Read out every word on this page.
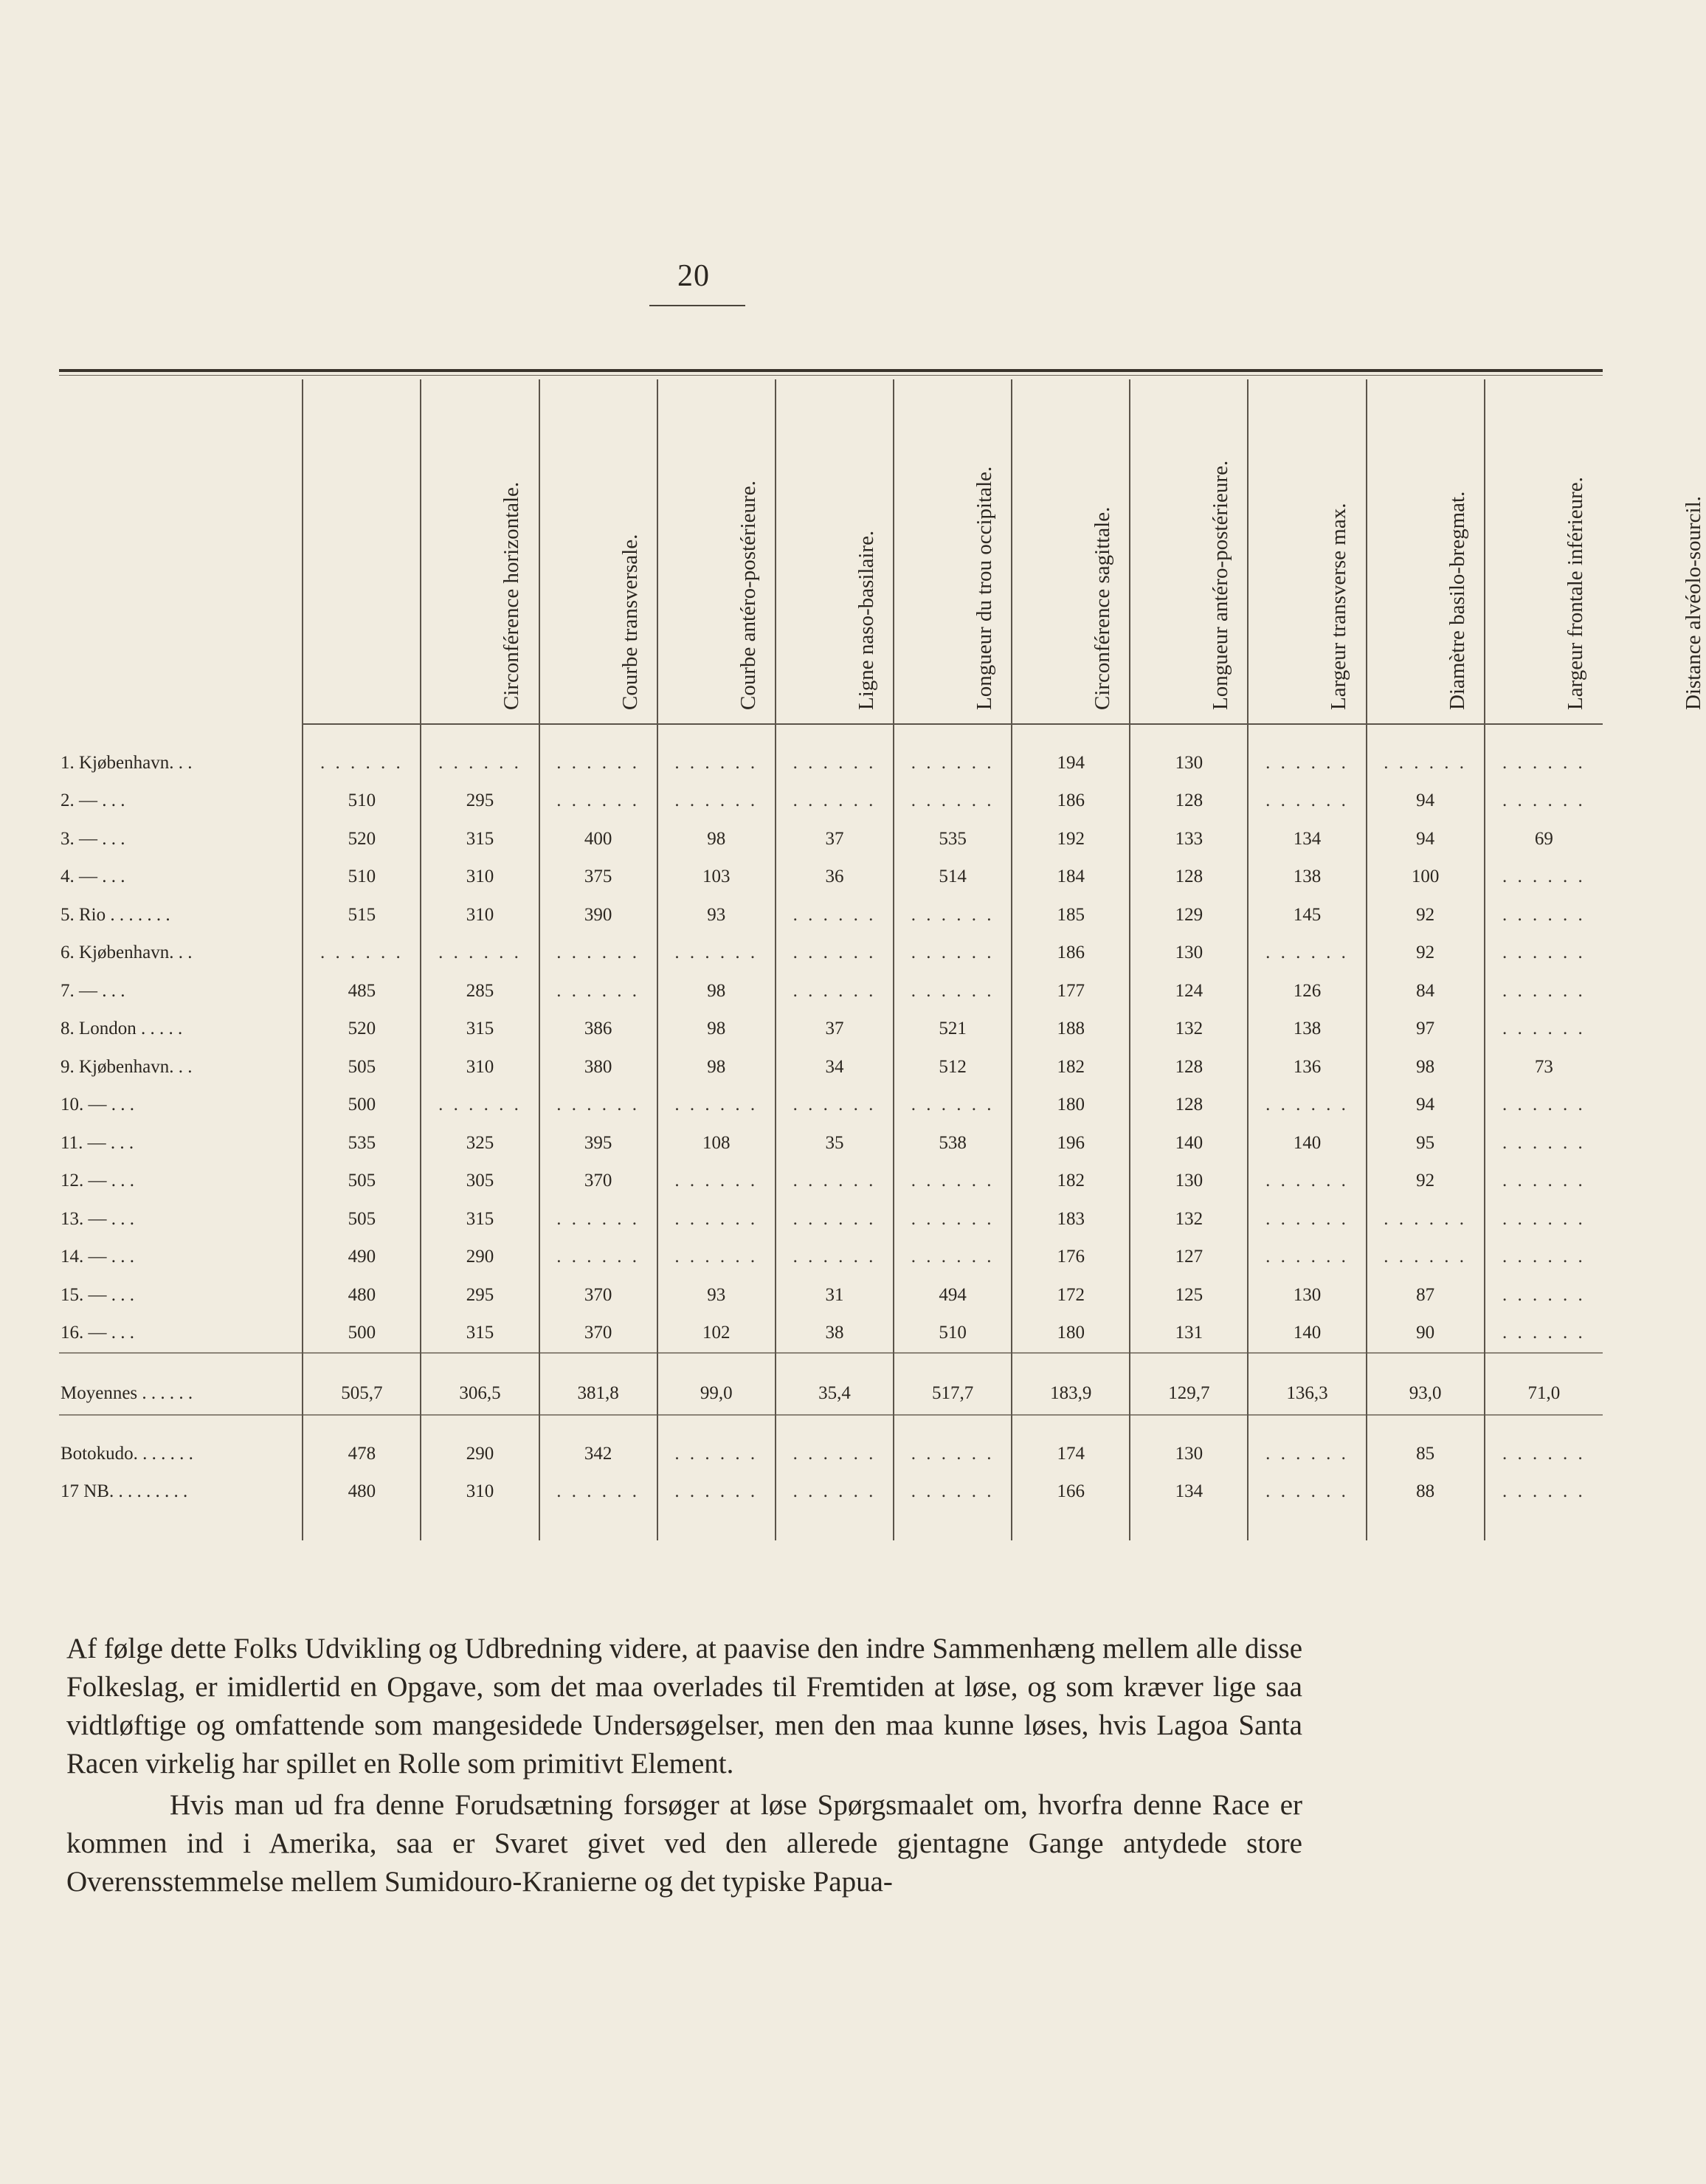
20

	Circonférence horizontale.	Courbe transversale.	Courbe antéro-postérieure.	Ligne naso-basilaire.	Longueur du trou occipitale.	Circonférence sagittale.	Longueur antéro-postérieure.	Largeur transverse max.	Diamètre basilo-bregmat.	Largeur frontale inférieure.	Distance alvéolo-sourcil.

1. Kjøbenhavn. . .	. . . . . .	. . . . . .	. . . . . .	. . . . . .	. . . . . .	. . . . . .	194	130	. . . . . .	. . . . . .	. . . . . .
2. — . . .	510	295	. . . . . .	. . . . . .	. . . . . .	. . . . . .	186	128	. . . . . .	94	. . . . . .
3. — . . .	520	315	400	98	37	535	192	133	134	94	69
4. — . . .	510	310	375	103	36	514	184	128	138	100	. . . . . .
5. Rio . . . . . . .	515	310	390	93	. . . . . .	. . . . . .	185	129	145	92	. . . . . .
6. Kjøbenhavn. . .	. . . . . .	. . . . . .	. . . . . .	. . . . . .	. . . . . .	. . . . . .	186	130	. . . . . .	92	. . . . . .
7. — . . .	485	285	. . . . . .	98	. . . . . .	. . . . . .	177	124	126	84	. . . . . .
8. London . . . . .	520	315	386	98	37	521	188	132	138	97	. . . . . .
9. Kjøbenhavn. . .	505	310	380	98	34	512	182	128	136	98	73
10. — . . .	500	. . . . . .	. . . . . .	. . . . . .	. . . . . .	. . . . . .	180	128	. . . . . .	94	. . . . . .
11. — . . .	535	325	395	108	35	538	196	140	140	95	. . . . . .
12. — . . .	505	305	370	. . . . . .	. . . . . .	. . . . . .	182	130	. . . . . .	92	. . . . . .
13. — . . .	505	315	. . . . . .	. . . . . .	. . . . . .	. . . . . .	183	132	. . . . . .	. . . . . .	. . . . . .
14. — . . .	490	290	. . . . . .	. . . . . .	. . . . . .	. . . . . .	176	127	. . . . . .	. . . . . .	. . . . . .
15. — . . .	480	295	370	93	31	494	172	125	130	87	. . . . . .
16. — . . .	500	315	370	102	38	510	180	131	140	90	. . . . . .

Moyennes . . . . . .	505,7	306,5	381,8	99,0	35,4	517,7	183,9	129,7	136,3	93,0	71,0

Botokudo. . . . . . .	478	290	342	. . . . . .	. . . . . .	. . . . . .	174	130	. . . . . .	85	. . . . . .
17 NB. . . . . . . . .	480	310	. . . . . .	. . . . . .	. . . . . .	. . . . . .	166	134	. . . . . .	88	. . . . . .

Af følge dette Folks Udvikling og Udbredning videre, at paavise den indre Sammenhæng mellem alle disse Folkeslag, er imidlertid en Opgave, som det maa overlades til Fremtiden at løse, og som kræver lige saa vidtløftige og omfattende som mangesidede Undersøgelser, men den maa kunne løses, hvis Lagoa Santa Racen virkelig har spillet en Rolle som primitivt Element.

Hvis man ud fra denne Forudsætning forsøger at løse Spørgsmaalet om, hvorfra denne Race er kommen ind i Amerika, saa er Svaret givet ved den allerede gjentagne Gange antydede store Overensstemmelse mellem Sumidouro-Kranierne og det typiske Papua-
